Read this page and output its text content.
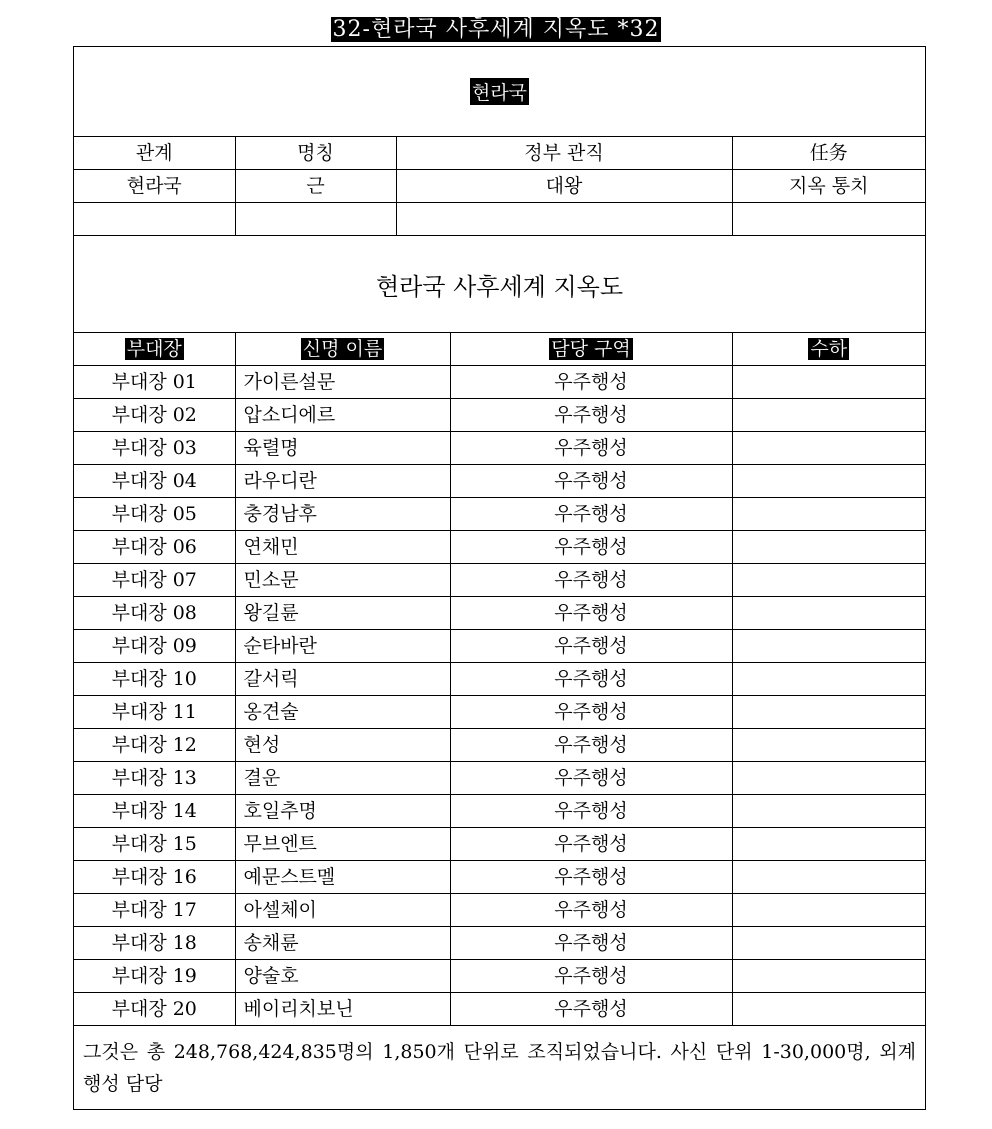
32-현라국 사후세계 지옥도 *32
현라국
관계	명칭	정부 관직	任务
현라국	근	대왕	지옥 통치

현라국 사후세계 지옥도
부대장	신명 이름	담당 구역	수하
부대장 01	가이른설문	우주행성	
부대장 02	압소디에르	우주행성	
부대장 03	육렬명	우주행성	
부대장 04	라우디란	우주행성	
부대장 05	충경남후	우주행성	
부대장 06	연채민	우주행성	
부대장 07	민소문	우주행성	
부대장 08	왕길륜	우주행성	
부대장 09	순타바란	우주행성	
부대장 10	갈서릭	우주행성	
부대장 11	옹견술	우주행성	
부대장 12	현성	우주행성	
부대장 13	결운	우주행성	
부대장 14	호일추명	우주행성	
부대장 15	무브엔트	우주행성	
부대장 16	예문스트멜	우주행성	
부대장 17	아셀체이	우주행성	
부대장 18	송채륜	우주행성	
부대장 19	양술호	우주행성	
부대장 20	베이리치보닌	우주행성	
그것은 총 248,768,424,835명의 1,850개 단위로 조직되었습니다. 사신 단위 1-30,000명, 외계 행성 담당
